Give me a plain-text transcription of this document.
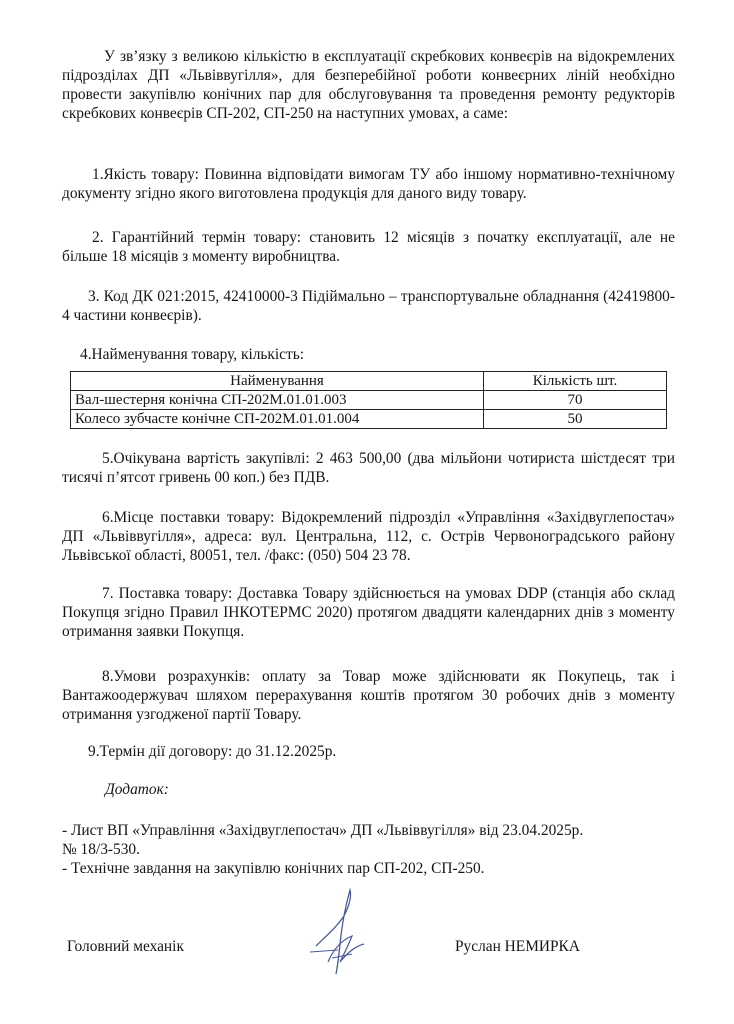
У зв’язку з великою кількістю в експлуатації скребкових конвеєрів на відокремлених підрозділах ДП «Львіввугілля», для безперебійної роботи конвеєрних ліній необхідно провести закупівлю конічних пар для обслуговування та проведення ремонту редукторів скребкових конвеєрів СП-202, СП-250 на наступних умовах, а саме:

1.Якість товару: Повинна відповідати вимогам ТУ або іншому нормативно-технічному документу згідно якого виготовлена продукція для даного виду товару.

2. Гарантійний термін товару: становить 12 місяців з початку експлуатації, але не більше 18 місяців з моменту виробництва.

3. Код ДК 021:2015, 42410000-3 Підіймально – транспортувальне обладнання (42419800-4 частини конвеєрів).

4.Найменування товару, кількість:

Найменування	Кількість шт.
Вал-шестерня конічна СП-202М.01.01.003	70
Колесо зубчасте конічне СП-202М.01.01.004	50

5.Очікувана вартість закупівлі: 2 463 500,00 (два мільйони чотириста шістдесят три тисячі п’ятсот гривень 00 коп.) без ПДВ.

6.Місце поставки товару: Відокремлений підрозділ «Управління «Західвуглепостач» ДП «Львіввугілля», адреса: вул. Центральна, 112, с. Острів Червоноградського району Львівської області, 80051, тел. /факс: (050) 504 23 78.

7. Поставка товару: Доставка Товару здійснюється на умовах DDP (станція або склад Покупця згідно Правил ІНКОТЕРМС 2020) протягом двадцяти календарних днів з моменту отримання заявки Покупця.

8.Умови розрахунків: оплату за Товар може здійснювати як Покупець, так і Вантажоодержувач шляхом перерахування коштів протягом 30 робочих днів з моменту отримання узгодженої партії Товару.

9.Термін дії договору: до 31.12.2025р.

Додаток:
- Лист ВП «Управління «Західвуглепостач» ДП «Львіввугілля» від 23.04.2025р.
№ 18/3-530.
- Технічне завдання на закупівлю конічних пар СП-202, СП-250.
Головний механік	Руслан НЕМИРКА
